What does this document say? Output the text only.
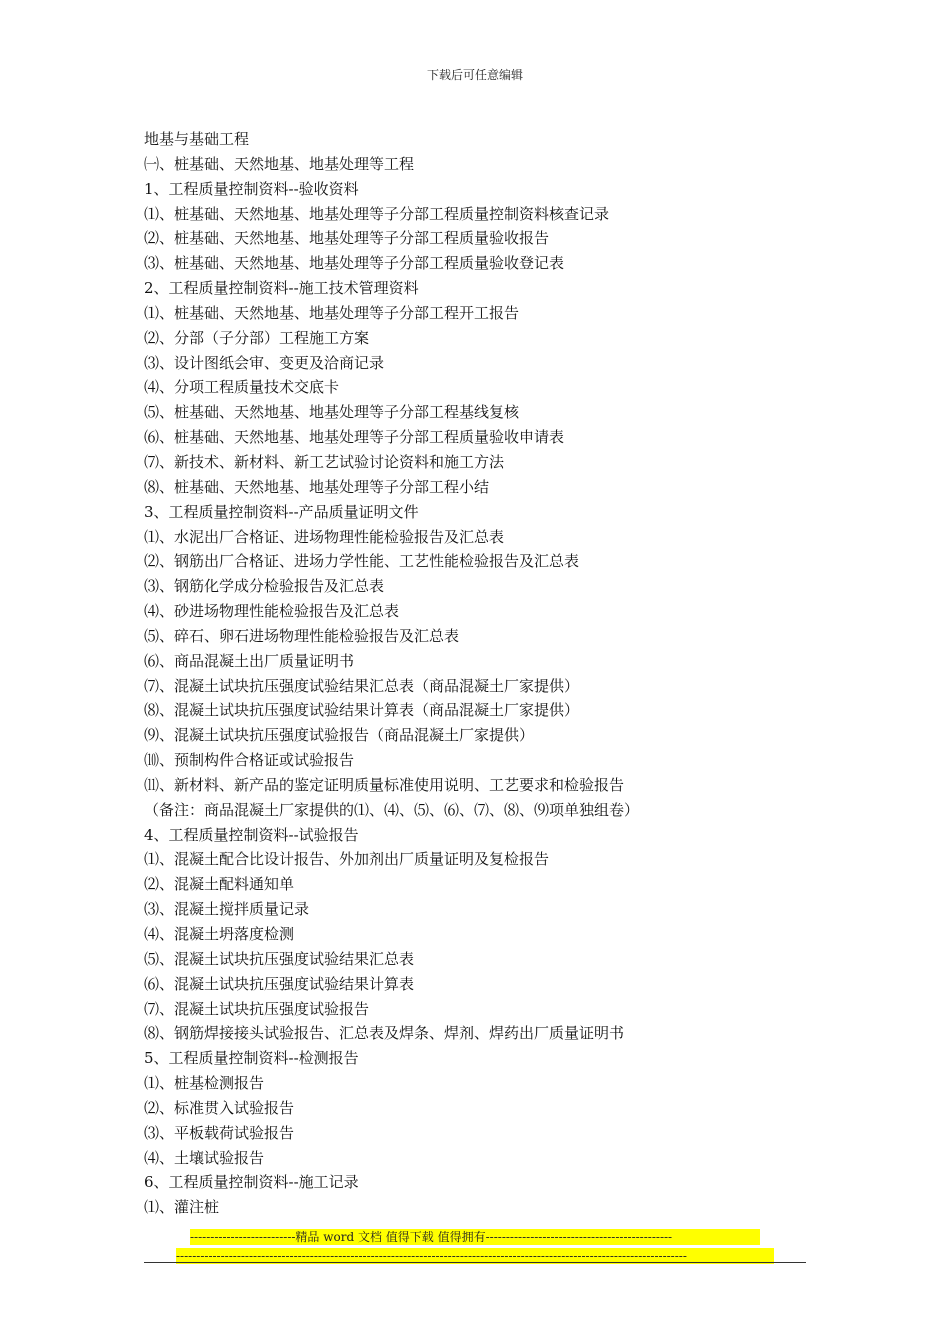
下载后可任意编辑
地基与基础工程
㈠、桩基础、天然地基、地基处理等工程
1、工程质量控制资料--验收资料
⑴、桩基础、天然地基、地基处理等子分部工程质量控制资料核查记录
⑵、桩基础、天然地基、地基处理等子分部工程质量验收报告
⑶、桩基础、天然地基、地基处理等子分部工程质量验收登记表
2、工程质量控制资料--施工技术管理资料
⑴、桩基础、天然地基、地基处理等子分部工程开工报告
⑵、分部（子分部）工程施工方案
⑶、设计图纸会审、变更及洽商记录
⑷、分项工程质量技术交底卡
⑸、桩基础、天然地基、地基处理等子分部工程基线复核
⑹、桩基础、天然地基、地基处理等子分部工程质量验收申请表
⑺、新技术、新材料、新工艺试验讨论资料和施工方法
⑻、桩基础、天然地基、地基处理等子分部工程小结
3、工程质量控制资料--产品质量证明文件
⑴、水泥出厂合格证、进场物理性能检验报告及汇总表
⑵、钢筋出厂合格证、进场力学性能、工艺性能检验报告及汇总表
⑶、钢筋化学成分检验报告及汇总表
⑷、砂进场物理性能检验报告及汇总表
⑸、碎石、卵石进场物理性能检验报告及汇总表
⑹、商品混凝土出厂质量证明书
⑺、混凝土试块抗压强度试验结果汇总表（商品混凝土厂家提供）
⑻、混凝土试块抗压强度试验结果计算表（商品混凝土厂家提供）
⑼、混凝土试块抗压强度试验报告（商品混凝土厂家提供）
⑽、预制构件合格证或试验报告
⑾、新材料、新产品的鉴定证明质量标准使用说明、工艺要求和检验报告
（备注：商品混凝土厂家提供的⑴、⑷、⑸、⑹、⑺、⑻、⑼项单独组卷）
4、工程质量控制资料--试验报告
⑴、混凝土配合比设计报告、外加剂出厂质量证明及复检报告
⑵、混凝土配料通知单
⑶、混凝土搅拌质量记录
⑷、混凝土坍落度检测
⑸、混凝土试块抗压强度试验结果汇总表
⑹、混凝土试块抗压强度试验结果计算表
⑺、混凝土试块抗压强度试验报告
⑻、钢筋焊接接头试验报告、汇总表及焊条、焊剂、焊药出厂质量证明书
5、工程质量控制资料--检测报告
⑴、桩基检测报告
⑵、标准贯入试验报告
⑶、平板载荷试验报告
⑷、土壤试验报告
6、工程质量控制资料--施工记录
⑴、灌注桩
--------------------------精品 word 文档 值得下载 值得拥有----------------------------------------------
------------------------------------------------------------------------------------------------------------------------------
